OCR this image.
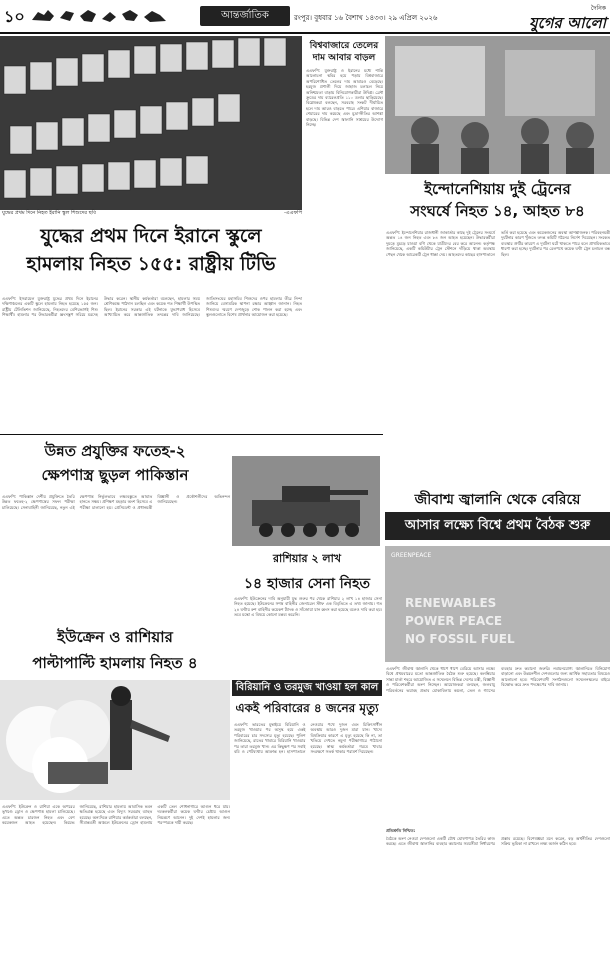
১০	আন্তর্জাতিক	রংপুর। বুধবার ১৬ বৈশাখ ১৪৩৩। ২৯ এপ্রিল ২০২৬
দৈনিক
যুগের আলো
যুদ্ধের প্রথম দিনে নিহত ইরানি স্কুল শিশুদের ছবি	-এএফপি
যুদ্ধের প্রথম দিনে ইরানে স্কুলে
হামলায় নিহত ১৫৫: রাষ্ট্রীয় টিভি
এএফপি: ইসরায়েল যুক্তরাষ্ট্র যুদ্ধের প্রথম দিনে ইরানের দক্ষিণাঞ্চলের একটি স্কুলে হামলায় নিহত হয়েছে ১৫৫ জন। রাষ্ট্রীয় টেলিভিশন জানিয়েছে, নিহতদের বেশিরভাগই শিশু শিক্ষার্থী। হামলার পর উদ্ধারকর্মীরা ধ্বংসস্তূপ সরিয়ে মরদেহ উদ্ধার করেন। স্থানীয় কর্মকর্তারা বলেছেন, হামলার সময় শ্রেণিকক্ষে পাঠদান চলছিল এবং কয়েক শত শিক্ষার্থী উপস্থিত ছিল। ইরানের সরকার এই ঘটনাকে যুদ্ধাপরাধ হিসেবে আখ্যায়িত করে আন্তর্জাতিক তদন্তের দাবি জানিয়েছে। জাতিসংঘের মহাসচিব শিশুদের ওপর হামলার তীব্র নিন্দা জানিয়ে বেসামরিক স্থাপনা রক্ষার আহ্বান জানান। নিহত শিশুদের স্মরণে দেশজুড়ে শোক পালন করা হচ্ছে এবং স্কুলগুলোতে বিশেষ প্রার্থনার আয়োজন করা হয়েছে।
বিশ্ববাজারে তেলের
দাম আবার বাড়ল
এএফপি: যুক্তরাষ্ট্র ও ইরানের মধ্যে শান্তি আলোচনা স্থবির হয়ে পড়ায় বিশ্ববাজারে অপরিশোধিত তেলের দাম আবারও বেড়েছে। হরমুজ প্রণালী দিয়ে জাহাজ চলাচল নিয়ে অনিশ্চয়তা বাড়ায় বিনিয়োগকারীরা উদ্বিগ্ন। ব্রেন্ট ক্রুডের দাম ব্যারেলপ্রতি ১১০ ডলার ছাড়িয়েছে। বিশ্লেষকরা বলছেন, সরবরাহ সংকট দীর্ঘায়িত হলে দাম আরও বাড়তে পারে। এশিয়ার বাজারে শেয়ারের দাম কমেছে এবং মুদ্রাস্ফীতির আশঙ্কা বাড়ছে। বিভিন্ন দেশ জ্বালানি সাশ্রয়ের উদ্যোগ নিচ্ছে।
ইন্দোনেশিয়ায় দুই ট্রেনের
সংঘর্ষে নিহত ১৪, আহত ৮৪
এএফপি: ইন্দোনেশিয়ার রাজধানী জাকার্তার কাছে দুই ট্রেনের সংঘর্ষে অন্তত ১৪ জন নিহত এবং ৮৪ জন আহত হয়েছেন। উদ্ধারকর্মীরা দুমড়ে মুচড়ে যাওয়া বগি থেকে যাত্রীদের বের করে আনেন। কর্তৃপক্ষ জানিয়েছে, একটি কমিউটার ট্রেন স্টেশনে দাঁড়িয়ে থাকা অবস্থায় পেছন থেকে আরেকটি ট্রেন ধাক্কা দেয়। আহতদের কাছের হাসপাতালে ভর্তি করা হয়েছে এবং কয়েকজনের অবস্থা আশঙ্কাজনক। পরিবহনমন্ত্রী দুর্ঘটনার কারণ খুঁজতে তদন্ত কমিটি গঠনের নির্দেশ দিয়েছেন। সংকেত ব্যবস্থার ত্রুটির কারণে এ দুর্ঘটনা ঘটে থাকতে পারে বলে প্রাথমিকভাবে ধারণা করা হচ্ছে। দুর্ঘটনার পর রেলপথে কয়েক ঘণ্টা ট্রেন চলাচল বন্ধ ছিল।
উন্নত প্রযুক্তির ফতেহ-২
ক্ষেপণাস্ত্র ছুড়ল পাকিস্তান
এএফপি: পাকিস্তান দেশীয় প্রযুক্তিতে তৈরি উন্নত ফতেহ-২ ক্ষেপণাস্ত্রের সফল পরীক্ষা চালিয়েছে। সেনাবাহিনী জানিয়েছে, নতুন এই ক্ষেপণাস্ত্র নির্ভুলভাবে লক্ষ্যবস্তুতে আঘাত হানতে সক্ষম। প্রশিক্ষণ মহড়ার অংশ হিসেবে এ পরীক্ষা চালানো হয়। প্রেসিডেন্ট ও প্রধানমন্ত্রী বিজ্ঞানী ও প্রকৌশলীদের অভিনন্দন জানিয়েছেন।
রাশিয়ার ২ লাখ
১৪ হাজার সেনা নিহত
এএফপি: ইউক্রেনের দাবি অনুযায়ী যুদ্ধ শুরুর পর থেকে রাশিয়ার ২ লাখ ১৪ হাজার সেনা নিহত হয়েছে। ইউক্রেনের সশস্ত্র বাহিনীর জেনারেল স্টাফ এক বিবৃতিতে এ তথ্য জানায়। গত ২৪ ঘণ্টায় রুশ বাহিনীর কয়েকশ ট্যাংক ও সাঁজোয়া যান ধ্বংস করা হয়েছে বলেও দাবি করা হয়। তবে মস্কো এ বিষয়ে কোনো মন্তব্য করেনি।
ইউক্রেন ও রাশিয়ার
পাল্টাপাল্টি হামলায় নিহত ৪
এএফপি: ইউক্রেন ও রাশিয়া একে অপরের ভূখণ্ডে ড্রোন ও ক্ষেপণাস্ত্র হামলা চালিয়েছে। এতে অন্তত চারজন নিহত এবং বেশ কয়েকজন আহত হয়েছেন। কিয়েভ জানিয়েছে, রাশিয়ার হামলায় আবাসিক ভবন ক্ষতিগ্রস্ত হয়েছে এবং বিদ্যুৎ সরবরাহ ব্যাহত হয়েছে। অন্যদিকে রাশিয়ার কর্মকর্তারা বলছেন, সীমান্তবর্তী অঞ্চলে ইউক্রেনের ড্রোন হামলায় একটি তেল শোধনাগারে আগুন ধরে যায়। দমকলকর্মীরা কয়েক ঘণ্টার চেষ্টায় আগুন নিয়ন্ত্রণে আনেন। দুই দেশই হামলার জন্য পরস্পরকে দায়ী করছে।
বিরিয়ানি ও তরমুজ খাওয়া হল কাল
একই পরিবারের ৪ জনের মৃত্যু
এএফপি: ভারতের মুম্বাইয়ে বিরিয়ানি ও তরমুজ খাওয়ার পর অসুস্থ হয়ে একই পরিবারের চার সদস্যের মৃত্যু হয়েছে। পুলিশ জানিয়েছে, রাতের খাবারে বিরিয়ানি খাওয়ার পর তারা তরমুজ খান। এর কিছুক্ষণ পর সবাই বমি ও পেটব্যথায় আক্রান্ত হন। হাসপাতালে নেওয়ার পথে দুজন এবং চিকিৎসাধীন অবস্থায় আরও দুজন মারা যান। খাদ্যে বিষক্রিয়ার কারণে এ মৃত্যু হয়েছে কি না, তা খতিয়ে দেখতে নমুনা পরীক্ষাগারে পাঠানো হয়েছে। স্বাস্থ্য কর্মকর্তারা গরমে খাবার সংরক্ষণে সতর্ক থাকার পরামর্শ দিয়েছেন।
জীবাশ্ম জ্বালানি থেকে বেরিয়ে
আসার লক্ষ্যে বিশ্বে প্রথম বৈঠক শুরু
GREENPEACE
RENEWABLES
POWER PEACE
NO FOSSIL FUEL
এএফপি: জীবাশ্ম জ্বালানি থেকে ধাপে ধাপে বেরিয়ে আসার লক্ষ্যে বিশ্বে প্রথমবারের মতো আন্তর্জাতিক বৈঠক শুরু হয়েছে। কলম্বিয়ার সান্তা মার্তা শহরে আয়োজিত এ সম্মেলনে বিভিন্ন দেশের মন্ত্রী, বিজ্ঞানী ও পরিবেশকর্মীরা অংশ নিচ্ছেন। আয়োজকরা বলছেন, জলবায়ু পরিবর্তনের ভয়াবহ প্রভাব মোকাবিলায় কয়লা, তেল ও গ্যাসের ব্যবহার দ্রুত কমানো জরুরি। নবায়নযোগ্য জ্বালানিতে বিনিয়োগ বাড়ানো এবং উন্নয়নশীল দেশগুলোর জন্য আর্থিক সহায়তার বিষয়েও আলোচনা হবে। পরিবেশবাদী সংগঠনগুলো সম্মেলনস্থলের বাইরে বিক্ষোভ করে দ্রুত পদক্ষেপের দাবি জানায়।
প্রতিশ্রুতি নিশ্চিত:
বৈঠকে অংশ নেওয়া দেশগুলো একটি যৌথ ঘোষণাপত্র তৈরির কাজ করছে। এতে জীবাশ্ম জ্বালানির ব্যবহার কমানোর সময়সীমা নির্ধারণের প্রস্তাব রয়েছে। বিশেষজ্ঞরা মনে করেন, বড় অর্থনীতির দেশগুলো সক্রিয় ভূমিকা না রাখলে লক্ষ্য অর্জন কঠিন হবে।
